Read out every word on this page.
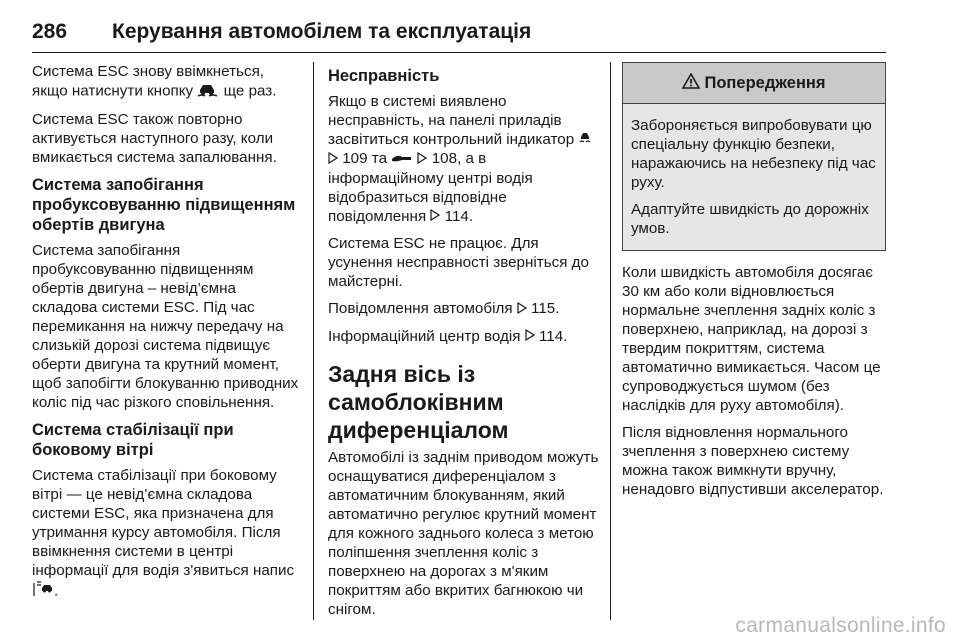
286	Керування автомобілем та експлуатація

Система ESC знову ввімкнеться, якщо натиснути кнопку  ще раз.

Система ESC також повторно активується наступного разу, коли вмикається система запалювання.

Система запобігання пробуксовуванню підвищенням обертів двигуна

Система запобігання пробуксовуванню підвищенням обертів двигуна – невід’ємна складова системи ESC. Під час перемикання на нижчу передачу на слизькій дорозі система підвищує оберти двигуна та крутний момент, щоб запобігти блокуванню приводних коліс під час різкого сповільнення.

Система стабілізації при боковому вітрі

Система стабілізації при боковому вітрі — це невід’ємна складова системи ESC, яка призначена для утримання курсу автомобіля. Після ввімкнення системи в центрі інформації для водія з'явиться напис .

Несправність

Якщо в системі виявлено несправність, на панелі приладів засвітиться контрольний індикатор   109 та	108, а в інформаційному центрі водія відобразиться відповідне повідомлення  114.

Система ESC не працює. Для усунення несправності зверніться до майстерні.

Повідомлення автомобіля  115.

Інформаційний центр водія  114.

Задня вісь із самоблоківним диференціалом

Автомобілі із заднім приводом можуть оснащуватися диференціалом з автоматичним блокуванням, який автоматично регулює крутний момент для кожного заднього колеса з метою поліпшення зчеплення коліс з поверхнею на дорогах з м'яким покриттям або вкритих багнюкою чи снігом.

Попередження

Забороняється випробовувати цю спеціальну функцію безпеки, наражаючись на небезпеку під час руху.

Адаптуйте швидкість до дорожніх умов.

Коли швидкість автомобіля досягає 30 км або коли відновлюється нормальне зчеплення задніх коліс з поверхнею, наприклад, на дорозі з твердим покриттям, система автоматично вимикається. Часом це супроводжується шумом (без наслідків для руху автомобіля).

Після відновлення нормального зчеплення з поверхнею систему можна також вимкнути вручну, ненадовго відпустивши акселератор.

carmanualsonline.info
